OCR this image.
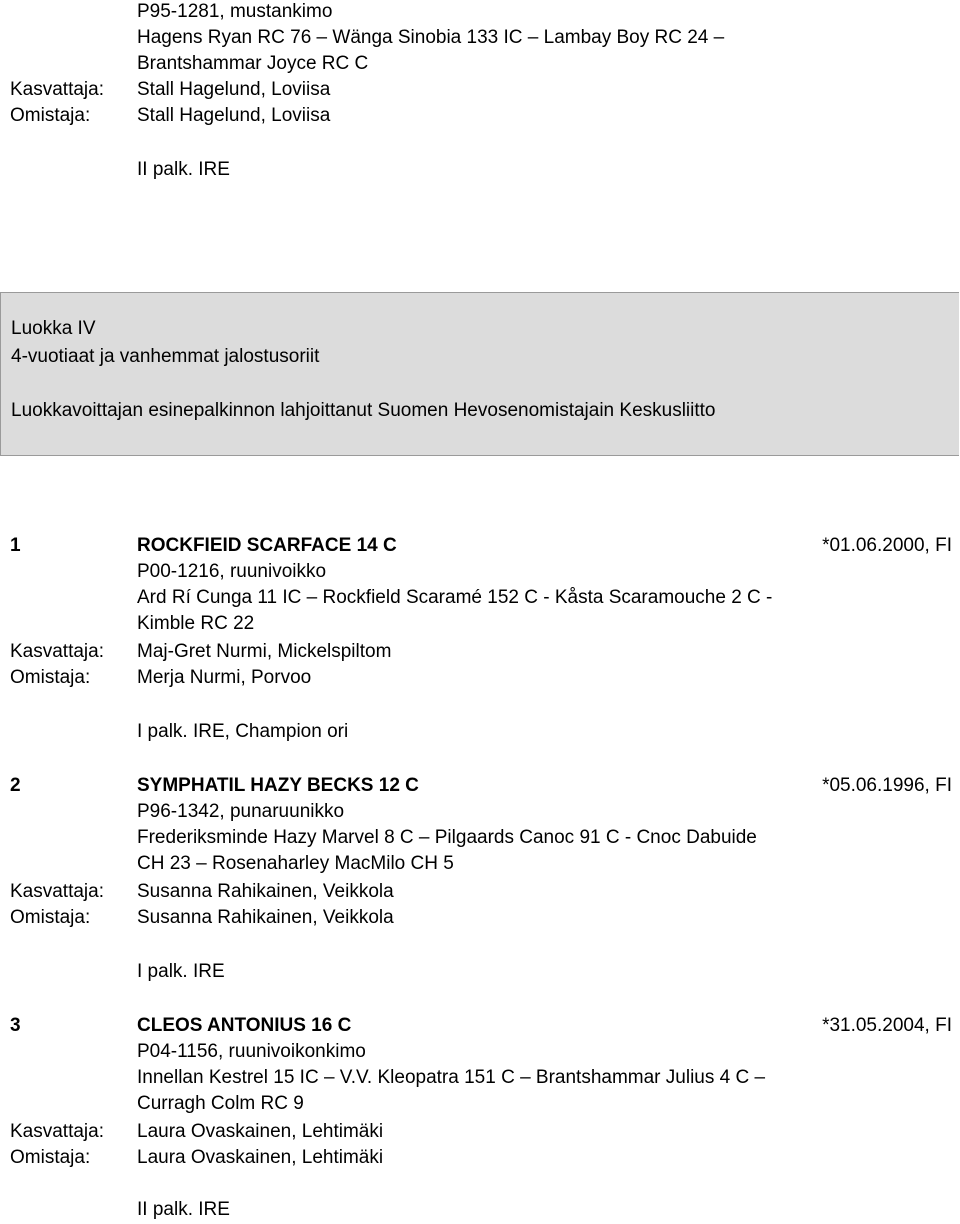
P95-1281, mustankimo
Hagens Ryan RC 76 – Wänga Sinobia 133 IC – Lambay Boy RC 24 –
Brantshammar Joyce RC C
Kasvattaja: Stall Hagelund, Loviisa
Omistaja: Stall Hagelund, Loviisa
II palk. IRE
Luokka IV
4-vuotiaat ja vanhemmat jalostusoriit
Luokkavoittajan esinepalkinnon lahjoittanut Suomen Hevosenomistajain Keskusliitto
1	ROCKFIEID SCARFACE 14 C	*01.06.2000, FI
P00-1216, ruunivoikko
Ard Rí Cunga 11 IC – Rockfield Scaramé 152 C - Kåsta Scaramouche 2 C -
Kimble RC 22
Kasvattaja: Maj-Gret Nurmi, Mickelspiltom
Omistaja: Merja Nurmi, Porvoo
I palk. IRE, Champion ori
2	SYMPHATIL HAZY BECKS 12 C	*05.06.1996, FI
P96-1342, punaruunikko
Frederiksminde Hazy Marvel 8 C – Pilgaards Canoc 91 C - Cnoc Dabuide
CH 23 – Rosenaharley MacMilo CH 5
Kasvattaja: Susanna Rahikainen, Veikkola
Omistaja: Susanna Rahikainen, Veikkola
I palk. IRE
3	CLEOS ANTONIUS 16 C	*31.05.2004, FI
P04-1156, ruunivoikonkimo
Innellan Kestrel 15 IC – V.V. Kleopatra 151 C – Brantshammar Julius 4 C –
Curragh Colm RC 9
Kasvattaja: Laura Ovaskainen, Lehtimäki
Omistaja: Laura Ovaskainen, Lehtimäki
II palk. IRE
